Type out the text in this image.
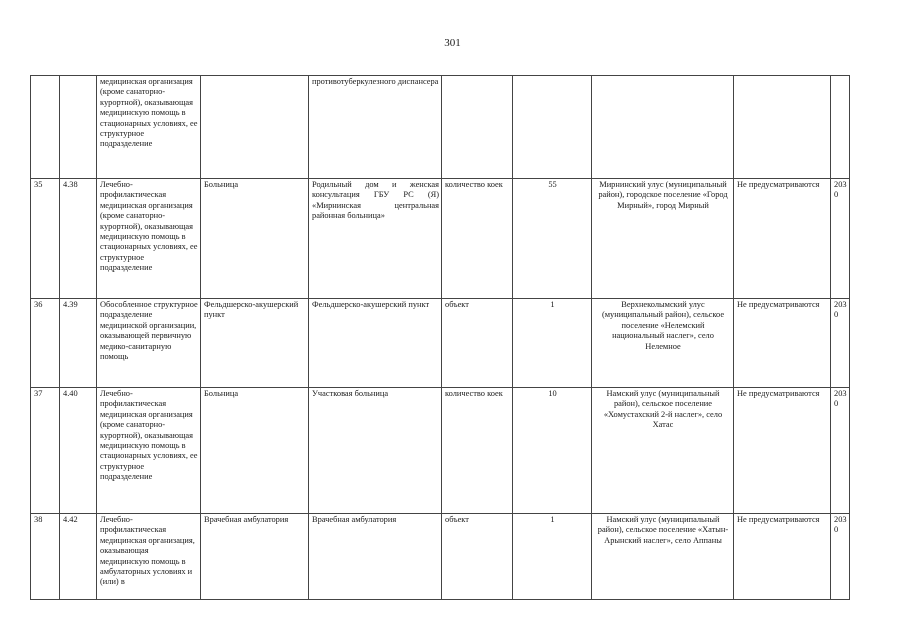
301
		медицинская организация (кроме санаторно-курортной), оказывающая медицинскую помощь в стационарных условиях, ее структурное подразделение		противотуберкулезного диспансера					
35	4.38	Лечебно-профилактическая медицинская организация (кроме санаторно-курортной), оказывающая медицинскую помощь в стационарных условиях, ее структурное подразделение	Больница	Родильный дом и женская консультация ГБУ РС (Я) «Мирнинская центральная районная больница»	количество коек	55	Мирнинский улус (муниципальный район), городское поселение «Город Мирный», город Мирный	Не предусматриваются	2030
36	4.39	Обособленное структурное подразделение медицинской организации, оказывающей первичную медико-санитарную помощь	Фельдшерско-акушерский пункт	Фельдшерско-акушерский пункт	объект	1	Верхнеколымский улус (муниципальный район), сельское поселение «Нелемский национальный наслег», село Нелемное	Не предусматриваются	2030
37	4.40	Лечебно-профилактическая медицинская организация (кроме санаторно-курортной), оказывающая медицинскую помощь в стационарных условиях, ее структурное подразделение	Больница	Участковая больница	количество коек	10	Намский улус (муниципальный район), сельское поселение «Хомустахский 2-й наслег», село Хатас	Не предусматриваются	2030
38	4.42	Лечебно-профилактическая медицинская организация, оказывающая медицинскую помощь в амбулаторных условиях и (или) в	Врачебная амбулатория	Врачебная амбулатория	объект	1	Намский улус (муниципальный район), сельское поселение «Хатын-Арынский наслег», село Аппаны	Не предусматриваются	2030
